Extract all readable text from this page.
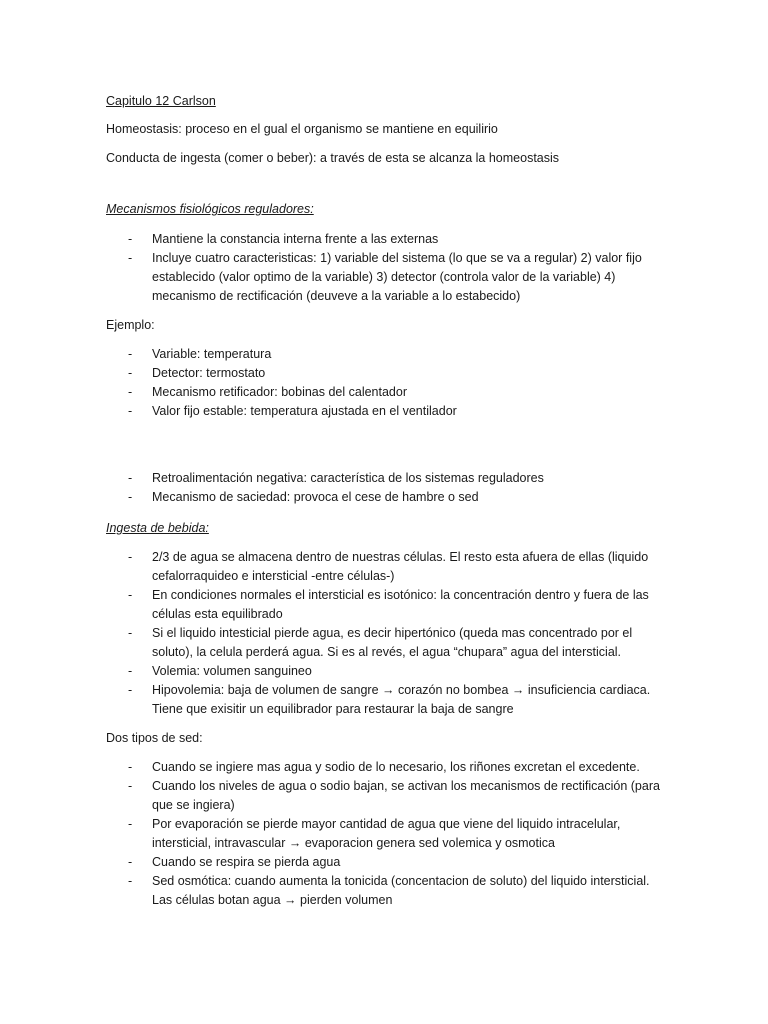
Capitulo 12 Carlson

Homeostasis: proceso en el gual el organismo se mantiene en equilirio

Conducta de ingesta (comer o beber): a través de esta se alcanza la homeostasis

Mecanismos fisiológicos reguladores:
- Mantiene la constancia interna frente a las externas
- Incluye cuatro caracteristicas: 1) variable del sistema (lo que se va a regular) 2) valor fijo establecido (valor optimo de la variable) 3) detector (controla valor de la variable) 4) mecanismo de rectificación (deuveve a la variable a lo estabecido)

Ejemplo:

- Variable: temperatura
- Detector: termostato
- Mecanismo retificador: bobinas del calentador
- Valor fijo estable: temperatura ajustada en el ventilador
- Retroalimentación negativa: característica de los sistemas reguladores
- Mecanismo de saciedad: provoca el cese de hambre o sed
Ingesta de bebida:
- 2/3 de agua se almacena dentro de nuestras células. El resto esta afuera de ellas (liquido cefalorraquideo e intersticial -entre células-)
- En condiciones normales el intersticial es isotónico: la concentración dentro y fuera de las células esta equilibrado
- Si el liquido intesticial pierde agua, es decir hipertónico (queda mas concentrado por el soluto), la celula perderá agua. Si es al revés, el agua “chupara” agua del intersticial.
- Volemia: volumen sanguineo
- Hipovolemia: baja de volumen de sangre → corazón no bombea → insuficiencia cardiaca. Tiene que exisitir un equilibrador para restaurar la baja de sangre

Dos tipos de sed:

- Cuando se ingiere mas agua y sodio de lo necesario, los riñones excretan el excedente.
- Cuando los niveles de agua o sodio bajan, se activan los mecanismos de rectificación (para que se ingiera)
- Por evaporación se pierde mayor cantidad de agua que viene del liquido intracelular, intersticial, intravascular → evaporacion genera sed volemica y osmotica
- Cuando se respira se pierda agua
- Sed osmótica: cuando aumenta la tonicida (concentacion de soluto) del liquido intersticial. Las células botan agua → pierden volumen
